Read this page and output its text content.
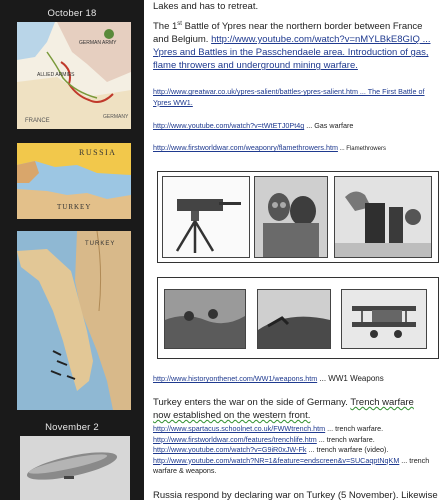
October 18
ALLIED ARMIES
GERMAN ARMY
FRANCE
GERMANY
RUSSIA
TURKEY
TURKEY
November 2

Lakes and has to retreat.

The 1st Battle of Ypres near the northern border between France and Belgium. http://www.youtube.com/watch?v=nMYLBkE8GIQ ... Ypres and Battles in the Passchendaele area. Introduction of gas, flame throwers and underground mining warfare.

http://www.greatwar.co.uk/ypres-salient/battles-ypres-salient.htm ... The First Battle of Ypres WW1.

http://www.youtube.com/watch?v=tWtETJ0Pt4g ... Gas warfare

http://www.firstworldwar.com/weaponry/flamethrowers.htm ... Flamethrowers

http://www.historyonthenet.com/WW1/weapons.htm ... WW1 Weapons

Turkey enters the war on the side of Germany. Trench warfare now established on the western front.

http://www.spartacus.schoolnet.co.uk/FWWtrench.htm ... trench warfare.

http://www.firstworldwar.com/features/trenchlife.htm ... trench warfare.

http://www.youtube.com/watch?v=G9iR0xJW-Fk ... trench warfare (video).

http://www.youtube.com/watch?NR=1&feature=endscreen&v=SUCaqptNqKM ... trench warfare & weapons.

Russia respond by declaring war on Turkey (5 November). Likewise
